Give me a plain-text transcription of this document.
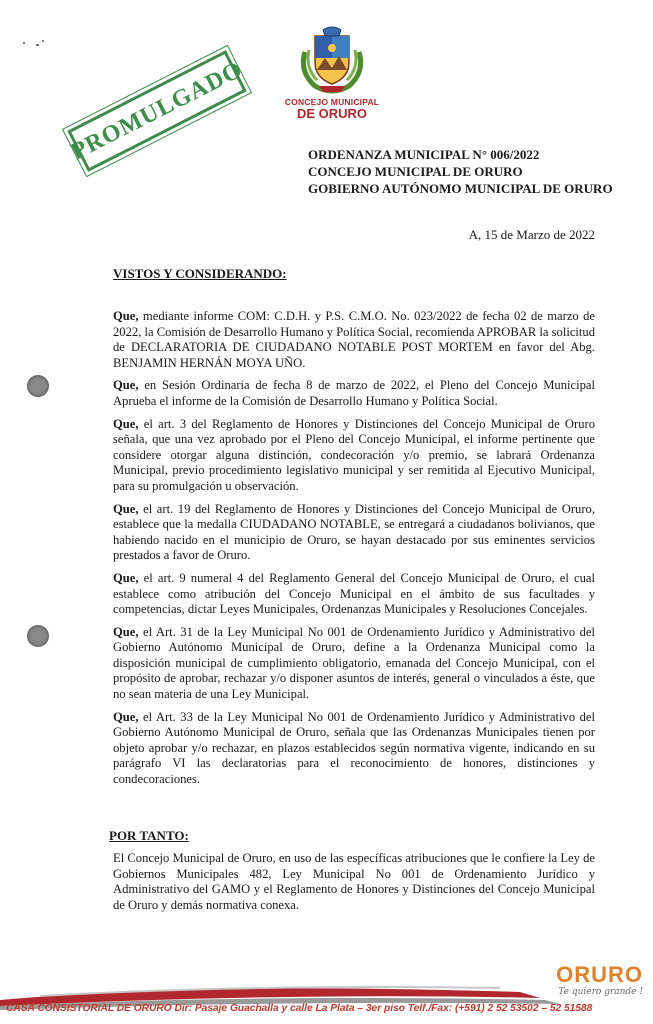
PROMULGADO	CONCEJO MUNICIPAL
DE ORURO
ORDENANZA MUNICIPAL N° 006/2022
CONCEJO MUNICIPAL DE ORURO
GOBIERNO AUTÓNOMO MUNICIPAL DE ORURO
A, 15 de Marzo de 2022
VISTOS Y CONSIDERANDO:

Que, mediante informe COM: C.D.H. y P.S. C.M.O. No. 023/2022 de fecha 02 de marzo de 2022, la Comisión de Desarrollo Humano y Política Social, recomienda APROBAR la solicitud de DECLARATORIA DE CIUDADANO NOTABLE POST MORTEM en favor del Abg. BENJAMIN HERNÁN MOYA UÑO.

Que, en Sesión Ordinaria de fecha 8 de marzo de 2022, el Pleno del Concejo Municipal Aprueba el informe de la Comisión de Desarrollo Humano y Política Social.

Que, el art. 3 del Reglamento de Honores y Distinciones del Concejo Municipal de Oruro señala, que una vez aprobado por el Pleno del Concejo Municipal, el informe pertinente que considere otorgar alguna distinción, condecoración y/o premio, se labrará Ordenanza Municipal, previo procedimiento legislativo municipal y ser remitida al Ejecutivo Municipal, para su promulgación u observación.

Que, el art. 19 del Reglamento de Honores y Distinciones del Concejo Municipal de Oruro, establece que la medalla CIUDADANO NOTABLE, se entregará a ciudadanos bolivianos, que habiendo nacido en el municipio de Oruro, se hayan destacado por sus eminentes servicios prestados a favor de Oruro.

Que, el art. 9 numeral 4 del Reglamento General del Concejo Municipal de Oruro, el cual establece como atribución del Concejo Municipal en el ámbito de sus facultades y competencias, dictar Leyes Municipales, Ordenanzas Municipales y Resoluciones Concejales.

Que, el Art. 31 de la Ley Municipal No 001 de Ordenamiento Jurídico y Administrativo del Gobierno Autónomo Municipal de Oruro, define a la Ordenanza Municipal como la disposición municipal de cumplimiento obligatorio, emanada del Concejo Municipal, con el propósito de aprobar, rechazar y/o disponer asuntos de interés, general o vinculados a éste, que no sean materia de una Ley Municipal.

Que, el Art. 33 de la Ley Municipal No 001 de Ordenamiento Jurídico y Administrativo del Gobierno Autónomo Municipal de Oruro, señala que las Ordenanzas Municipales tienen por objeto aprobar y/o rechazar, en plazos establecidos según normativa vigente, indicando en su parágrafo VI las declaratorias para el reconocimiento de honores, distinciones y condecoraciones.

POR TANTO:
El Concejo Municipal de Oruro, en uso de las específicas atribuciones que le confiere la Ley de Gobiernos Municipales 482, Ley Municipal No 001 de Ordenamiento Jurídico y Administrativo del GAMO y el Reglamento de Honores y Distinciones del Concejo Municipal de Oruro y demás normativa conexa.
ORURO
Te quiero grande !
CASA CONSISTORIAL DE ORURO Dir: Pasaje Guachalla y calle La Plata – 3er piso Telf./Fax: (+591) 2 52 53502 – 52 51588
